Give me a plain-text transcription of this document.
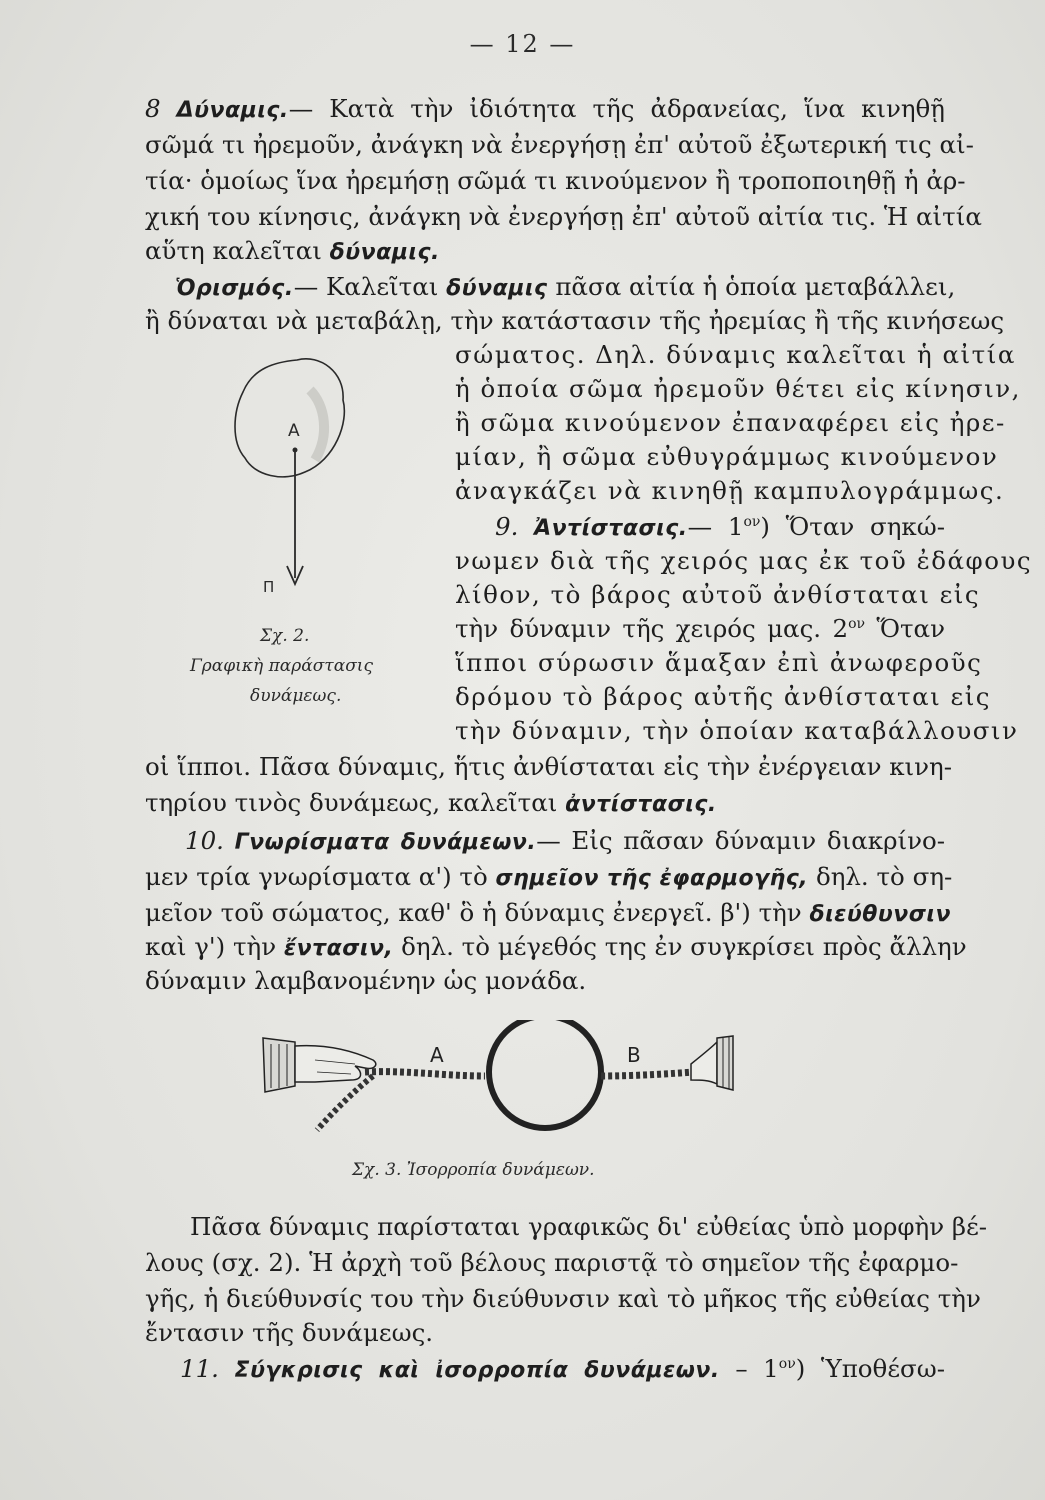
— 12 —
8 Δύναμις.— Κατὰ τὴν ἰδιότητα τῆς ἀδρανείας, ἵνα κινηθῇ
σῶμά τι ἠρεμοῦν, ἀνάγκη νὰ ἐνεργήσῃ ἐπ' αὐτοῦ ἐξωτερική τις αἰ-
τία· ὁμοίως ἵνα ἠρεμήσῃ σῶμά τι κινούμενον ἢ τροποποιηθῇ ἡ ἀρ-
χική του κίνησις, ἀνάγκη νὰ ἐνεργήσῃ ἐπ' αὐτοῦ αἰτία τις. Ἡ αἰτία
αὕτη καλεῖται δύναμις.
Ὁρισμός.— Καλεῖται δύναμις πᾶσα αἰτία ἡ ὁποία μεταβάλλει,
ἢ δύναται νὰ μεταβάλῃ, τὴν κατάστασιν τῆς ἠρεμίας ἢ τῆς κινήσεως
σώματος. Δηλ. δύναμις καλεῖται ἡ αἰτία
ἡ ὁποία σῶμα ἠρεμοῦν θέτει εἰς κίνησιν,
ἢ σῶμα κινούμενον ἐπαναφέρει εἰς ἠρε-
μίαν, ἢ σῶμα εὐθυγράμμως κινούμενον
ἀναγκάζει νὰ κινηθῇ καμπυλογράμμως.
9. Ἀντίστασις.— $1^{o\nu}$) Ὅταν σηκώ-
νωμεν διὰ τῆς χειρός μας ἐκ τοῦ ἐδάφους
λίθον, τὸ βάρος αὐτοῦ ἀνθίσταται εἰς
τὴν δύναμιν τῆς χειρός μας. $2^{o\nu}$ Ὅταν
ἵπποι σύρωσιν ἅμαξαν ἐπὶ ἀνωφεροῦς
δρόμου τὸ βάρος αὐτῆς ἀνθίσταται εἰς
τὴν δύναμιν, τὴν ὁποίαν καταβάλλουσιν
A
Π
Σχ. 2.
Γραφικὴ παράστασις
δυνάμεως.
οἱ ἵπποι. Πᾶσα δύναμις, ἥτις ἀνθίσταται εἰς τὴν ἐνέργειαν κινη-
τηρίου τινὸς δυνάμεως, καλεῖται ἀντίστασις.
10. Γνωρίσματα δυνάμεων.— Εἰς πᾶσαν δύναμιν διακρίνο-
μεν τρία γνωρίσματα α') τὸ σημεῖον τῆς ἐφαρμογῆς, δηλ. τὸ ση-
μεῖον τοῦ σώματος, καθ' ὃ ἡ δύναμις ἐνεργεῖ. β') τὴν διεύθυνσιν
καὶ γ') τὴν ἔντασιν, δηλ. τὸ μέγεθός της ἐν συγκρίσει πρὸς ἄλλην
δύναμιν λαμβανομένην ὡς μονάδα.
A	B
Σχ. 3. Ἰσορροπία δυνάμεων.
Πᾶσα δύναμις παρίσταται γραφικῶς δι' εὐθείας ὑπὸ μορφὴν βέ-
λους (σχ. 2). Ἡ ἀρχὴ τοῦ βέλους παριστᾷ τὸ σημεῖον τῆς ἐφαρμο-
γῆς, ἡ διεύθυνσίς του τὴν διεύθυνσιν καὶ τὸ μῆκος τῆς εὐθείας τὴν
ἔντασιν τῆς δυνάμεως.
11. Σύγκρισις καὶ ἰσορροπία δυνάμεων. – $1^{o\nu}$) Ὑποθέσω-
